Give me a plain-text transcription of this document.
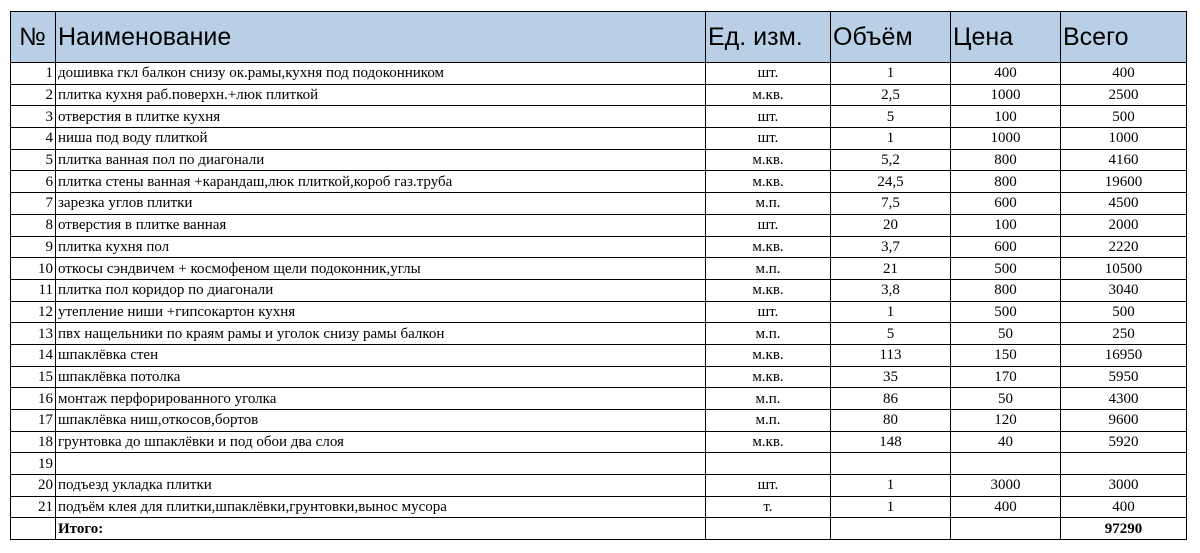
№	Наименование	Ед. изм.	Объём	Цена	Всего
1	дошивка гкл балкон снизу ок.рамы,кухня под подоконником	шт.	1	400	400
2	плитка кухня раб.поверхн.+люк плиткой	м.кв.	2,5	1000	2500
3	отверстия в плитке кухня	шт.	5	100	500
4	ниша под воду плиткой	шт.	1	1000	1000
5	плитка ванная пол по диагонали	м.кв.	5,2	800	4160
6	плитка стены ванная +карандаш,люк плиткой,короб газ.труба	м.кв.	24,5	800	19600
7	зарезка углов плитки	м.п.	7,5	600	4500
8	отверстия в плитке ванная	шт.	20	100	2000
9	плитка кухня пол	м.кв.	3,7	600	2220
10	откосы сэндвичем + космофеном щели подоконник,углы	м.п.	21	500	10500
11	плитка пол коридор по диагонали	м.кв.	3,8	800	3040
12	утепление ниши +гипсокартон кухня	шт.	1	500	500
13	пвх нащельники по краям рамы и уголок снизу рамы балкон	м.п.	5	50	250
14	шпаклёвка стен	м.кв.	113	150	16950
15	шпаклёвка потолка	м.кв.	35	170	5950
16	монтаж перфорированного уголка	м.п.	86	50	4300
17	шпаклёвка ниш,откосов,бортов	м.п.	80	120	9600
18	грунтовка до шпаклёвки и под обои два слоя	м.кв.	148	40	5920
19					
20	подъезд укладка плитки	шт.	1	3000	3000
21	подъём клея для плитки,шпаклёвки,грунтовки,вынос мусора	т.	1	400	400
	Итого:				97290
